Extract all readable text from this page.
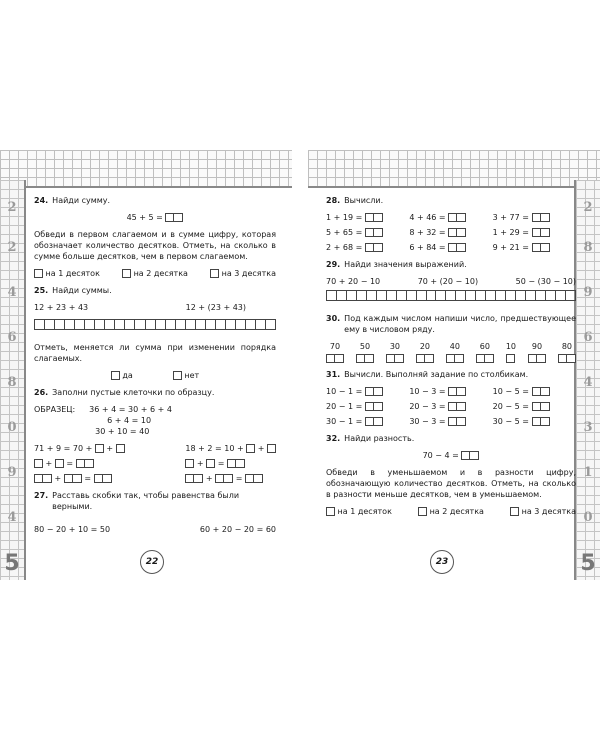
2
2
4
6
8
0
9
4
5
24. Найди сумму.
45 + 5 =

Обведи в первом слагаемом и в сумме цифру, которая обозначает количество десятков. Отметь, на сколько в сумме больше десятков, чем в первом слагаемом.

на 1 десяток
	на 2 десятка
	на 3 десятка
25. Найди суммы.
12 + 23 + 43	12 + (23 + 43)

Отметь, меняется ли сумма при изменении порядка слагаемых.

да
	нет
26. Заполни пустые клеточки по образцу.
ОБРАЗЕЦ: 36 + 4 = 30 + 6 + 4
6 + 4 = 10
30 + 10 = 40
71 + 9 = 70 +
+
+
=
+
=
18 + 2 = 10 +
+
+
=
+
=
27. Расставь скобки так, чтобы равенства были верными.
80 − 20 + 10 = 50	60 + 20 − 20 = 60
22
2
8
9
6
4
3
1
0
5
28. Вычисли.
1 + 19 =
	4 + 46 =
	3 + 77 =

5 + 65 =
	8 + 32 =
	1 + 29 =

2 + 68 =
	6 + 84 =
	9 + 21 =

29. Найди значения выражений.
70 + 20 − 10	70 + (20 − 10)	50 − (30 − 10)
30. Под каждым числом напиши число, предшествующее ему в числовом ряду.
70 50 30 20 40 60 10 90 80
31. Вычисли. Выполняй задание по столбикам.
10 − 1 =
	10 − 3 =
	10 − 5 =

20 − 1 =
	20 − 3 =
	20 − 5 =

30 − 1 =
	30 − 3 =
	30 − 5 =

32. Найди разность.
70 − 4 =

Обведи в уменьшаемом и в разности цифру, обозначающую количество десятков. Отметь, на сколько в разности меньше десятков, чем в уменьшаемом.

на 1 десяток
	на 2 десятка
	на 3 десятка
23
